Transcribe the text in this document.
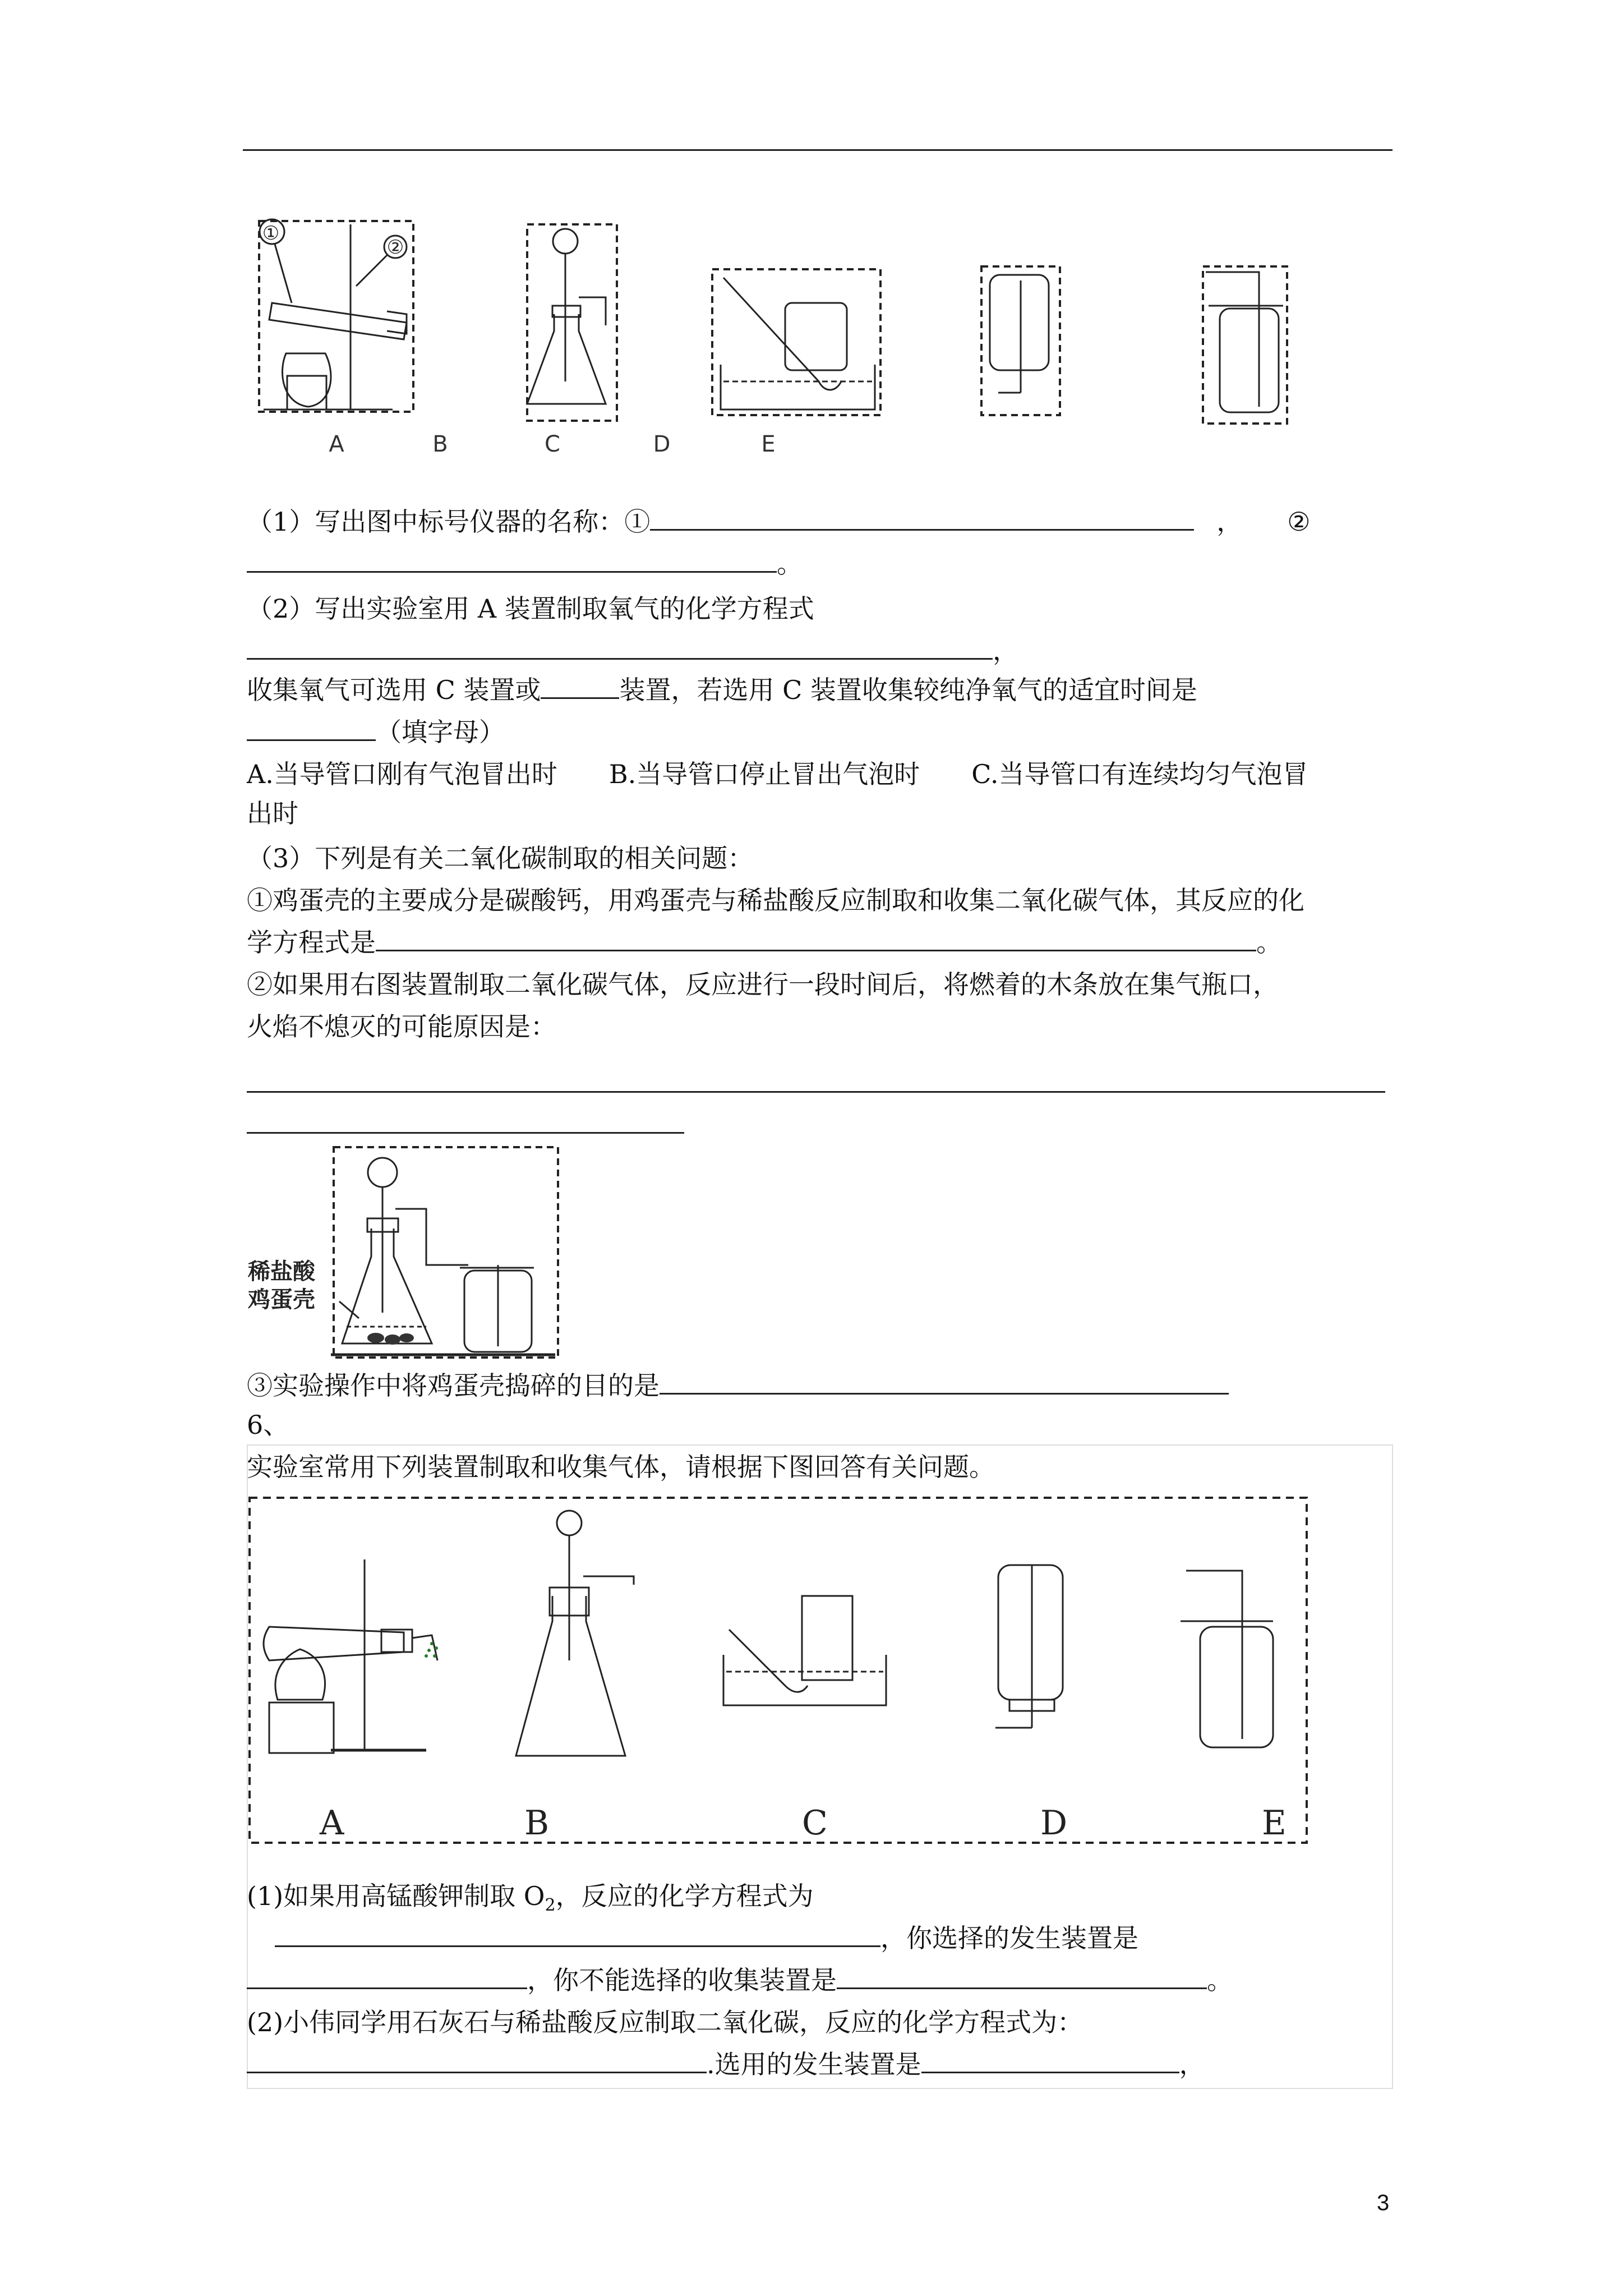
①
②
A	B	C	D	E
（1）写出图中标号仪器的名称：①	， ②
。
（2）写出实验室用 A 装置制取氧气的化学方程式
，
收集氧气可选用 C 装置或	装置，若选用 C 装置收集较纯净氧气的适宜时间是
（填字母）
A.当导管口刚有气泡冒出时　　B.当导管口停止冒出气泡时　　C.当导管口有连续均匀气泡冒
出时
（3）下列是有关二氧化碳制取的相关问题：
①鸡蛋壳的主要成分是碳酸钙，用鸡蛋壳与稀盐酸反应制取和收集二氧化碳气体，其反应的化
学方程式是	。
②如果用右图装置制取二氧化碳气体，反应进行一段时间后，将燃着的木条放在集气瓶口，
火焰不熄灭的可能原因是：
稀盐酸
鸡蛋壳
③实验操作中将鸡蛋壳捣碎的目的是
6、
实验室常用下列装置制取和收集气体，请根据下图回答有关问题。
A	B	C	D	E
(1)如果用高锰酸钾制取 $O_2$，反应的化学方程式为
，你选择的发生装置是
，你不能选择的收集装置是	。
(2)小伟同学用石灰石与稀盐酸反应制取二氧化碳，反应的化学方程式为：
.选用的发生装置是	，
3
